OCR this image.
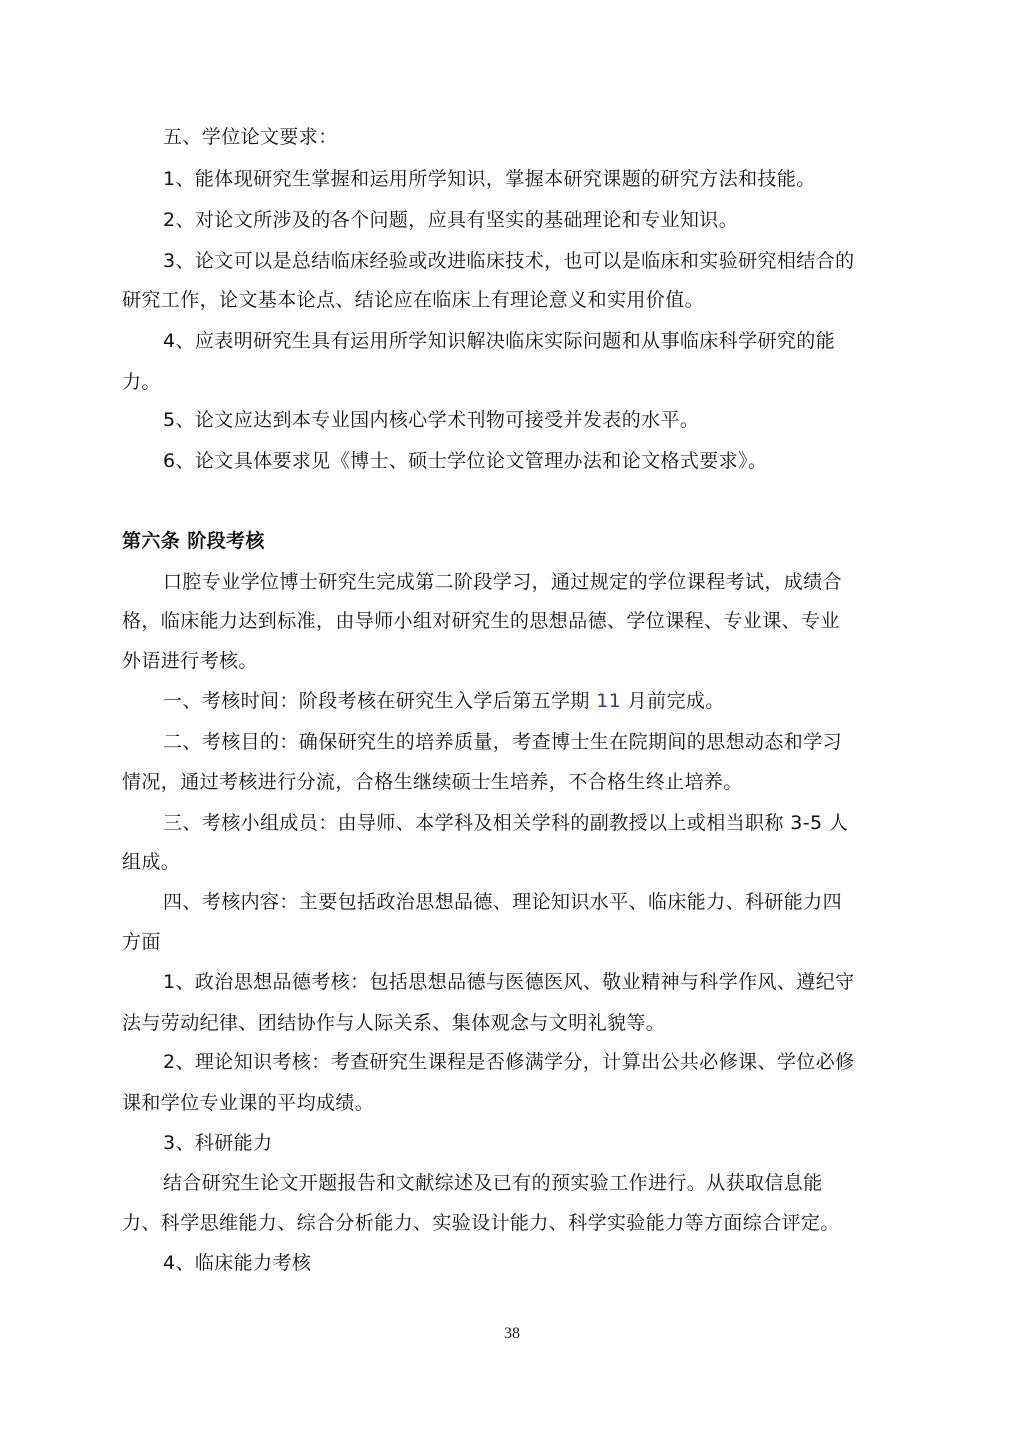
五、学位论文要求：
1、能体现研究生掌握和运用所学知识，掌握本研究课题的研究方法和技能。
2、对论文所涉及的各个问题，应具有坚实的基础理论和专业知识。
3、论文可以是总结临床经验或改进临床技术，也可以是临床和实验研究相结合的
研究工作，论文基本论点、结论应在临床上有理论意义和实用价值。
4、应表明研究生具有运用所学知识解决临床实际问题和从事临床科学研究的能
力。
5、论文应达到本专业国内核心学术刊物可接受并发表的水平。
6、论文具体要求见《博士、硕士学位论文管理办法和论文格式要求》。
第六条 阶段考核
口腔专业学位博士研究生完成第二阶段学习，通过规定的学位课程考试，成绩合
格，临床能力达到标准，由导师小组对研究生的思想品德、学位课程、专业课、专业
外语进行考核。
一、考核时间：阶段考核在研究生入学后第五学期 11 月前完成。
二、考核目的：确保研究生的培养质量，考查博士生在院期间的思想动态和学习
情况，通过考核进行分流，合格生继续硕士生培养，不合格生终止培养。
三、考核小组成员：由导师、本学科及相关学科的副教授以上或相当职称 3-5 人
组成。
四、考核内容：主要包括政治思想品德、理论知识水平、临床能力、科研能力四
方面
1、政治思想品德考核：包括思想品德与医德医风、敬业精神与科学作风、遵纪守
法与劳动纪律、团结协作与人际关系、集体观念与文明礼貌等。
2、理论知识考核：考查研究生课程是否修满学分，计算出公共必修课、学位必修
课和学位专业课的平均成绩。
3、科研能力
结合研究生论文开题报告和文献综述及已有的预实验工作进行。从获取信息能
力、科学思维能力、综合分析能力、实验设计能力、科学实验能力等方面综合评定。
4、临床能力考核
38
